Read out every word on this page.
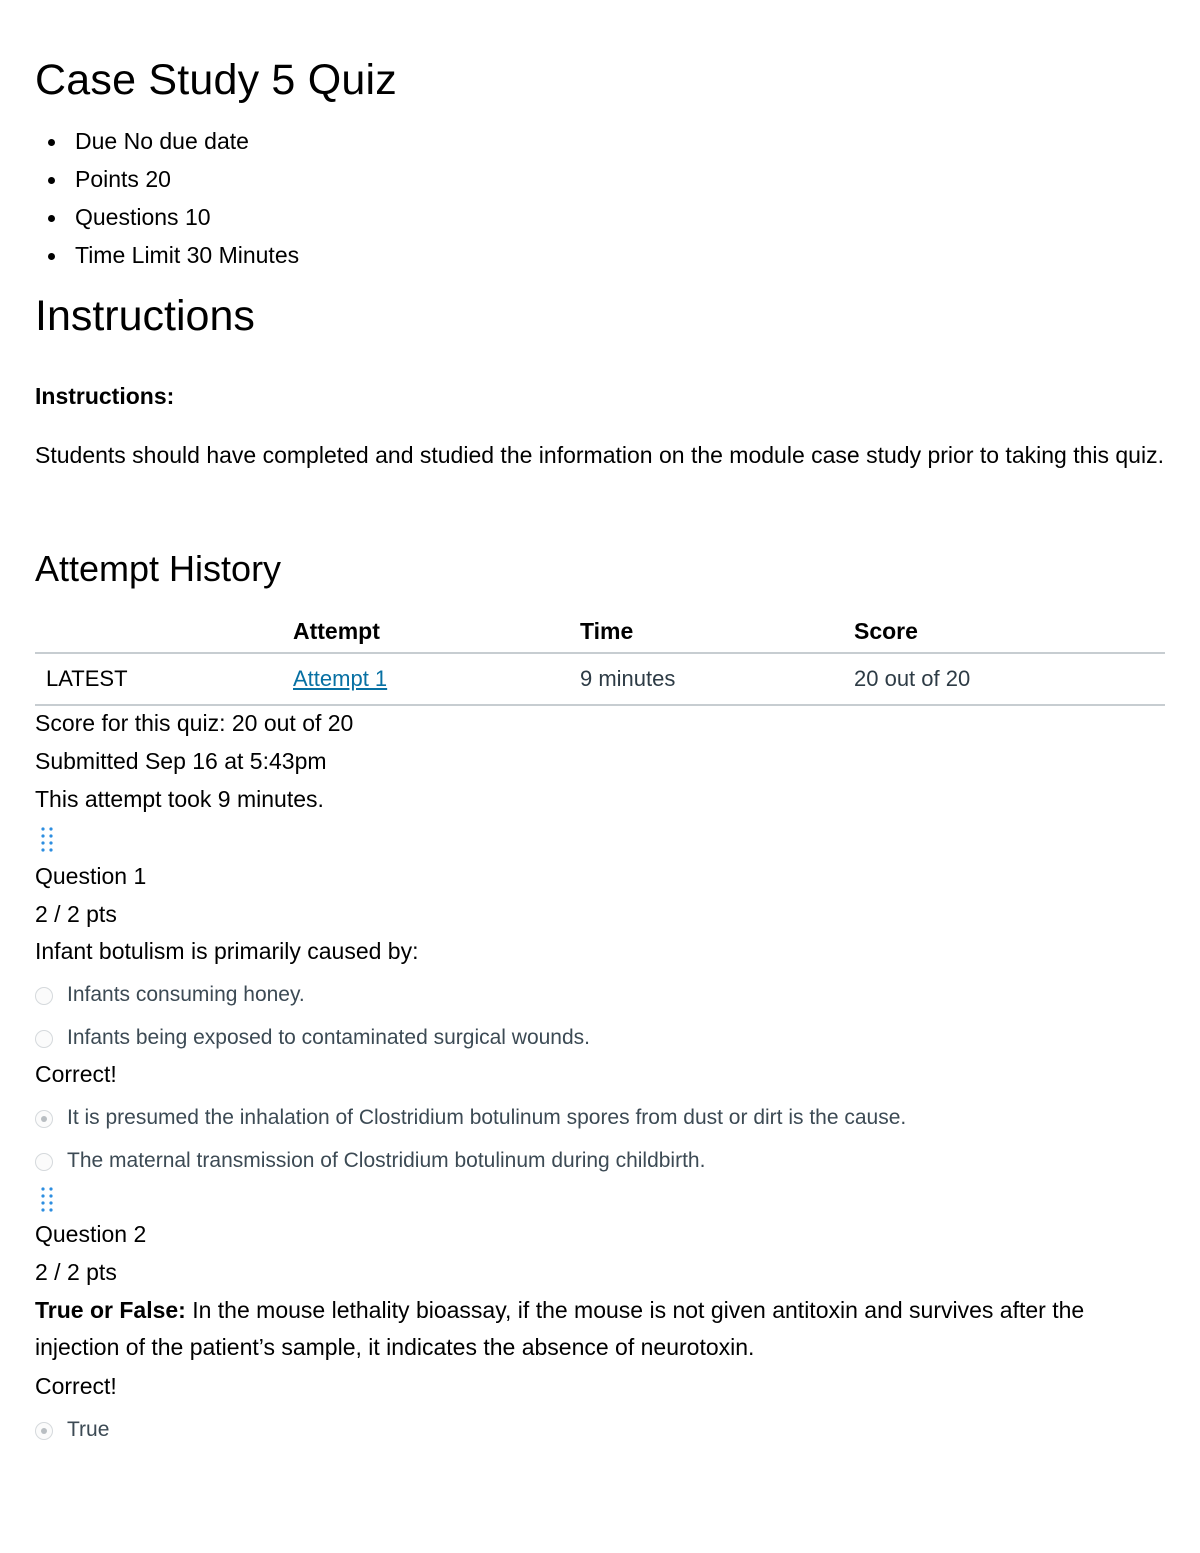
Case Study 5 Quiz
Due No due date
Points 20
Questions 10
Time Limit 30 Minutes
Instructions
Instructions:
Students should have completed and studied the information on the module case study prior to taking this quiz.
Attempt History
	Attempt	Time	Score
LATEST	Attempt 1	9 minutes	20 out of 20
Score for this quiz: 20 out of 20
Submitted Sep 16 at 5:43pm
This attempt took 9 minutes.
Question 1
2 / 2 pts
Infant botulism is primarily caused by:
Infants consuming honey.
Infants being exposed to contaminated surgical wounds.
Correct!
It is presumed the inhalation of Clostridium botulinum spores from dust or dirt is the cause.
The maternal transmission of Clostridium botulinum during childbirth.
Question 2
2 / 2 pts
True or False: In the mouse lethality bioassay, if the mouse is not given antitoxin and survives after the injection of the patient’s sample, it indicates the absence of neurotoxin.
Correct!
True
